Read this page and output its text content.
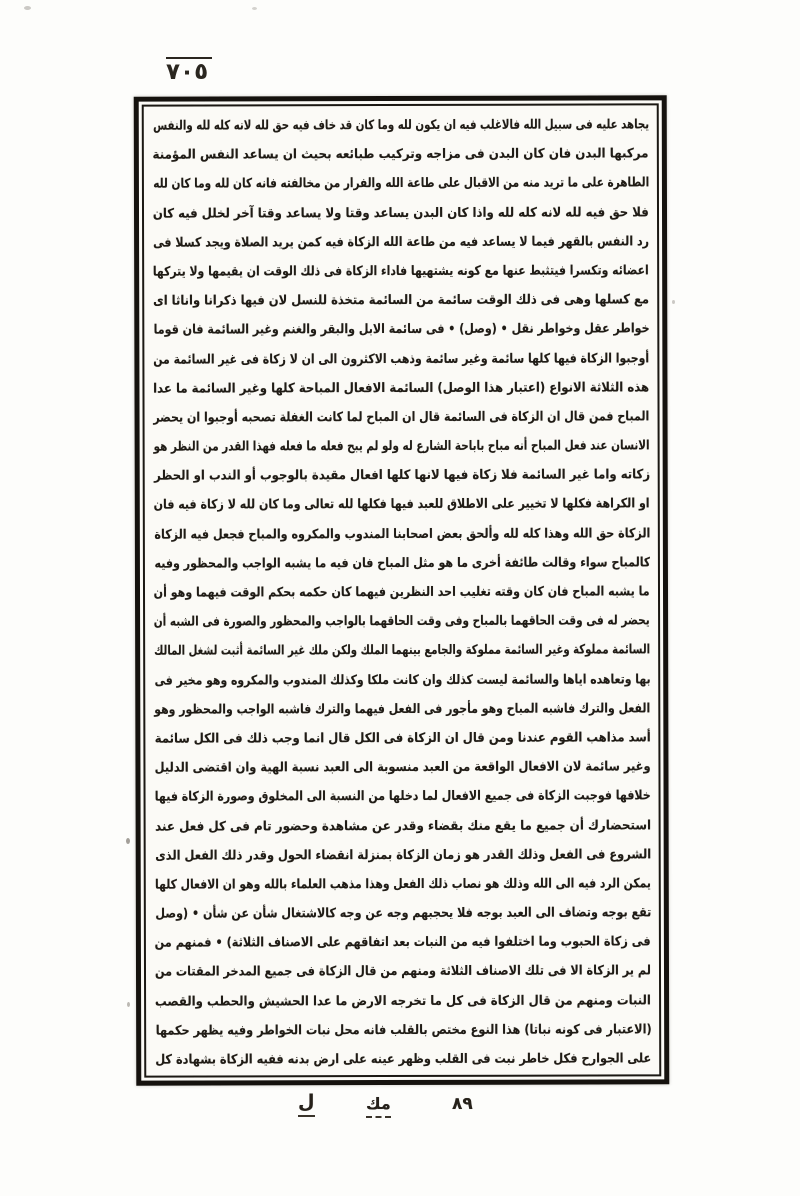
٧٠٥
يجاهد عليه فى سبيل الله فالاغلب فيه ان يكون لله وما كان قد خاف فيه حق لله لانه كله لله والنفس
مركبها البدن فان كان البدن فى مزاجه وتركيب طبائعه بحيث ان يساعد النفس المؤمنة
الطاهرة على ما تريد منه من الاقبال على طاعة الله والفرار من مخالفته فانه كان لله وما كان لله
فلا حق فيه لله لانه كله لله واذا كان البدن يساعد وقتا ولا يساعد وقتا آخر لخلل فيه كان
رد النفس بالقهر فيما لا يساعد فيه من طاعة الله الزكاة فيه كمن يريد الصلاة ويجد كسلا فى
اعضائه وتكسرا فيتثبط عنها مع كونه يشتهيها فاداء الزكاة فى ذلك الوقت ان يقيمها ولا يتركها
مع كسلها وهى فى ذلك الوقت سائمة من السائمة متخذة للنسل لان فيها ذكرانا واناثا اى
خواطر عقل وخواطر نقل • (وصل) • فى سائمة الابل والبقر والغنم وغير السائمة فان قوما
أوجبوا الزكاة فيها كلها سائمة وغير سائمة وذهب الاكثرون الى ان لا زكاة فى غير السائمة من
هذه الثلاثة الانواع (اعتبار هذا الوصل) السائمة الافعال المباحة كلها وغير السائمة ما عدا
المباح فمن قال ان الزكاة فى السائمة قال ان المباح لما كانت الغفلة تصحبه أوجبوا ان يحضر
الانسان عند فعل المباح أنه مباح باباحة الشارع له ولو لم يبح فعله ما فعله فهذا القدر من النظر هو
زكاته واما غير السائمة فلا زكاة فيها لانها كلها افعال مقيدة بالوجوب أو الندب او الحظر
او الكراهة فكلها لا تخيير على الاطلاق للعبد فيها فكلها لله تعالى وما كان لله لا زكاة فيه فان
الزكاة حق الله وهذا كله لله وألحق بعض اصحابنا المندوب والمكروه والمباح فجعل فيه الزكاة
كالمباح سواء وقالت طائفة أخرى ما هو مثل المباح فان فيه ما يشبه الواجب والمحظور وفيه
ما يشبه المباح فان كان وقته تغليب احد النظرين فيهما كان حكمه بحكم الوقت فيهما وهو أن
يحضر له فى وقت الحاقهما بالمباح وفى وقت الحاقهما بالواجب والمحظور والصورة فى الشبه أن
السائمة مملوكة وغير السائمة مملوكة والجامع بينهما الملك ولكن ملك غير السائمة أثبت لشغل المالك
بها وتعاهده اياها والسائمة ليست كذلك وان كانت ملكا وكذلك المندوب والمكروه وهو مخير فى
الفعل والترك فاشبه المباح وهو مأجور فى الفعل فيهما والترك فاشبه الواجب والمحظور وهو
أسد مذاهب القوم عندنا ومن قال ان الزكاة فى الكل قال انما وجب ذلك فى الكل سائمة
وغير سائمة لان الافعال الواقعة من العبد منسوبة الى العبد نسبة الهية وان اقتضى الدليل
خلافها فوجبت الزكاة فى جميع الافعال لما دخلها من النسبة الى المخلوق وصورة الزكاة فيها
استحضارك أن جميع ما يقع منك بقضاء وقدر عن مشاهدة وحضور تام فى كل فعل عند
الشروع فى الفعل وذلك القدر هو زمان الزكاة بمنزلة انقضاء الحول وقدر ذلك الفعل الذى
يمكن الرد فيه الى الله وذلك هو نصاب ذلك الفعل وهذا مذهب العلماء بالله وهو ان الافعال كلها
تقع بوجه وتضاف الى العبد بوجه فلا يحجبهم وجه عن وجه كالاشتغال شأن عن شأن • (وصل
فى زكاة الحبوب وما اختلفوا فيه من النبات بعد اتفاقهم على الاصناف الثلاثة) • فمنهم من
لم ير الزكاة الا فى تلك الاصناف الثلاثة ومنهم من قال الزكاة فى جميع المدخر المقتات من
النبات ومنهم من قال الزكاة فى كل ما تخرجه الارض ما عدا الحشيش والحطب والقصب
(الاعتبار فى كونه نباتا) هذا النوع مختص بالقلب فانه محل نبات الخواطر وفيه يظهر حكمها
على الجوارح فكل خاطر نبت فى القلب وظهر عينه على ارض بدنه ففيه الزكاة بشهادة كل
٨٩
مك
ل
